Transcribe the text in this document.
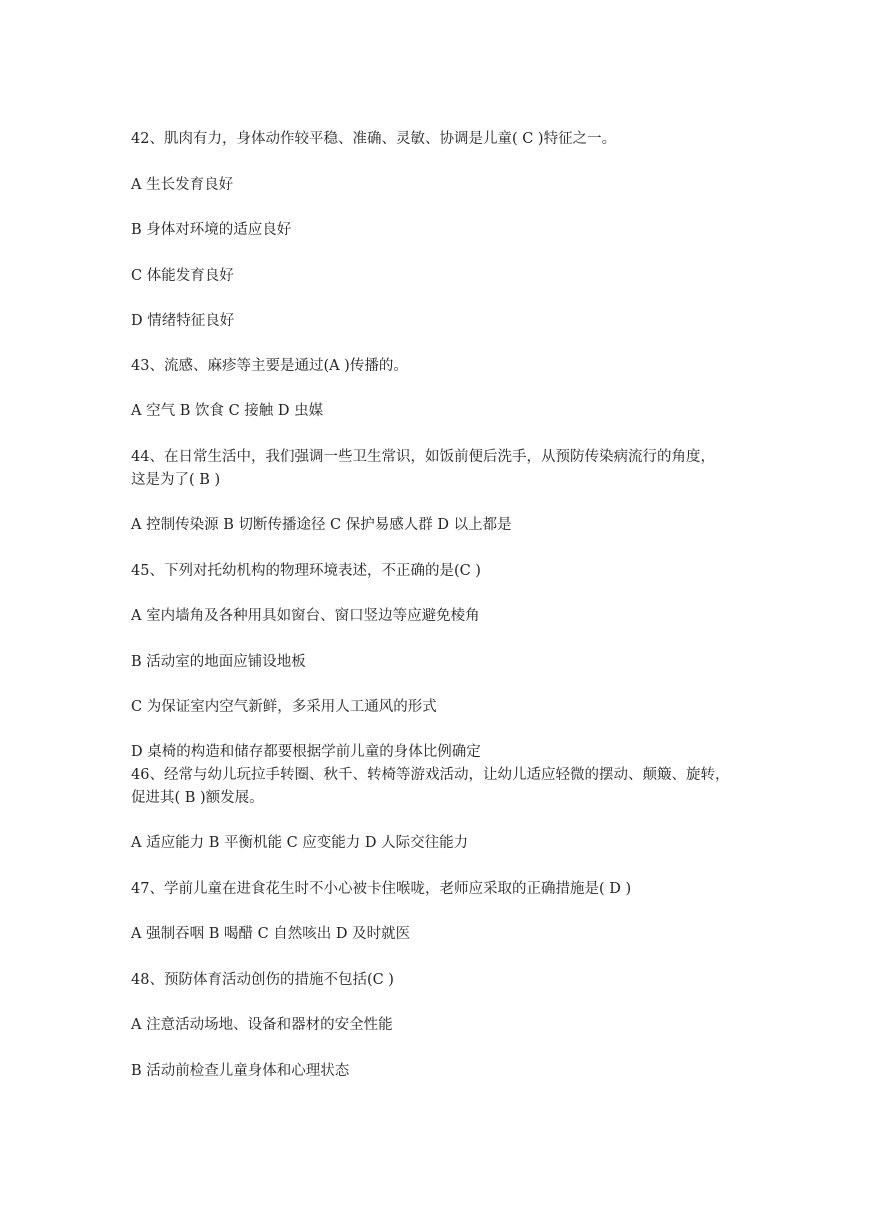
42、肌肉有力，身体动作较平稳、准确、灵敏、协调是儿童( C )特征之一。

A 生长发育良好

B 身体对环境的适应良好

C 体能发育良好

D 情绪特征良好

43、流感、麻疹等主要是通过(A )传播的。

A 空气 B 饮食 C 接触 D 虫媒

44、在日常生活中，我们强调一些卫生常识，如饭前便后洗手，从预防传染病流行的角度，

这是为了( B )

A 控制传染源 B 切断传播途径 C 保护易感人群 D 以上都是

45、下列对托幼机构的物理环境表述，不正确的是(C )

A 室内墙角及各种用具如窗台、窗口竖边等应避免棱角

B 活动室的地面应铺设地板

C 为保证室内空气新鲜，多采用人工通风的形式

D 桌椅的构造和储存都要根据学前儿童的身体比例确定

46、经常与幼儿玩拉手转圈、秋千、转椅等游戏活动，让幼儿适应轻微的摆动、颠簸、旋转，

促进其( B )额发展。

A 适应能力 B 平衡机能 C 应变能力 D 人际交往能力

47、学前儿童在进食花生时不小心被卡住喉咙，老师应采取的正确措施是( D )

A 强制吞咽 B 喝醋 C 自然咳出 D 及时就医

48、预防体育活动创伤的措施不包括(C )

A 注意活动场地、设备和器材的安全性能

B 活动前检查儿童身体和心理状态
